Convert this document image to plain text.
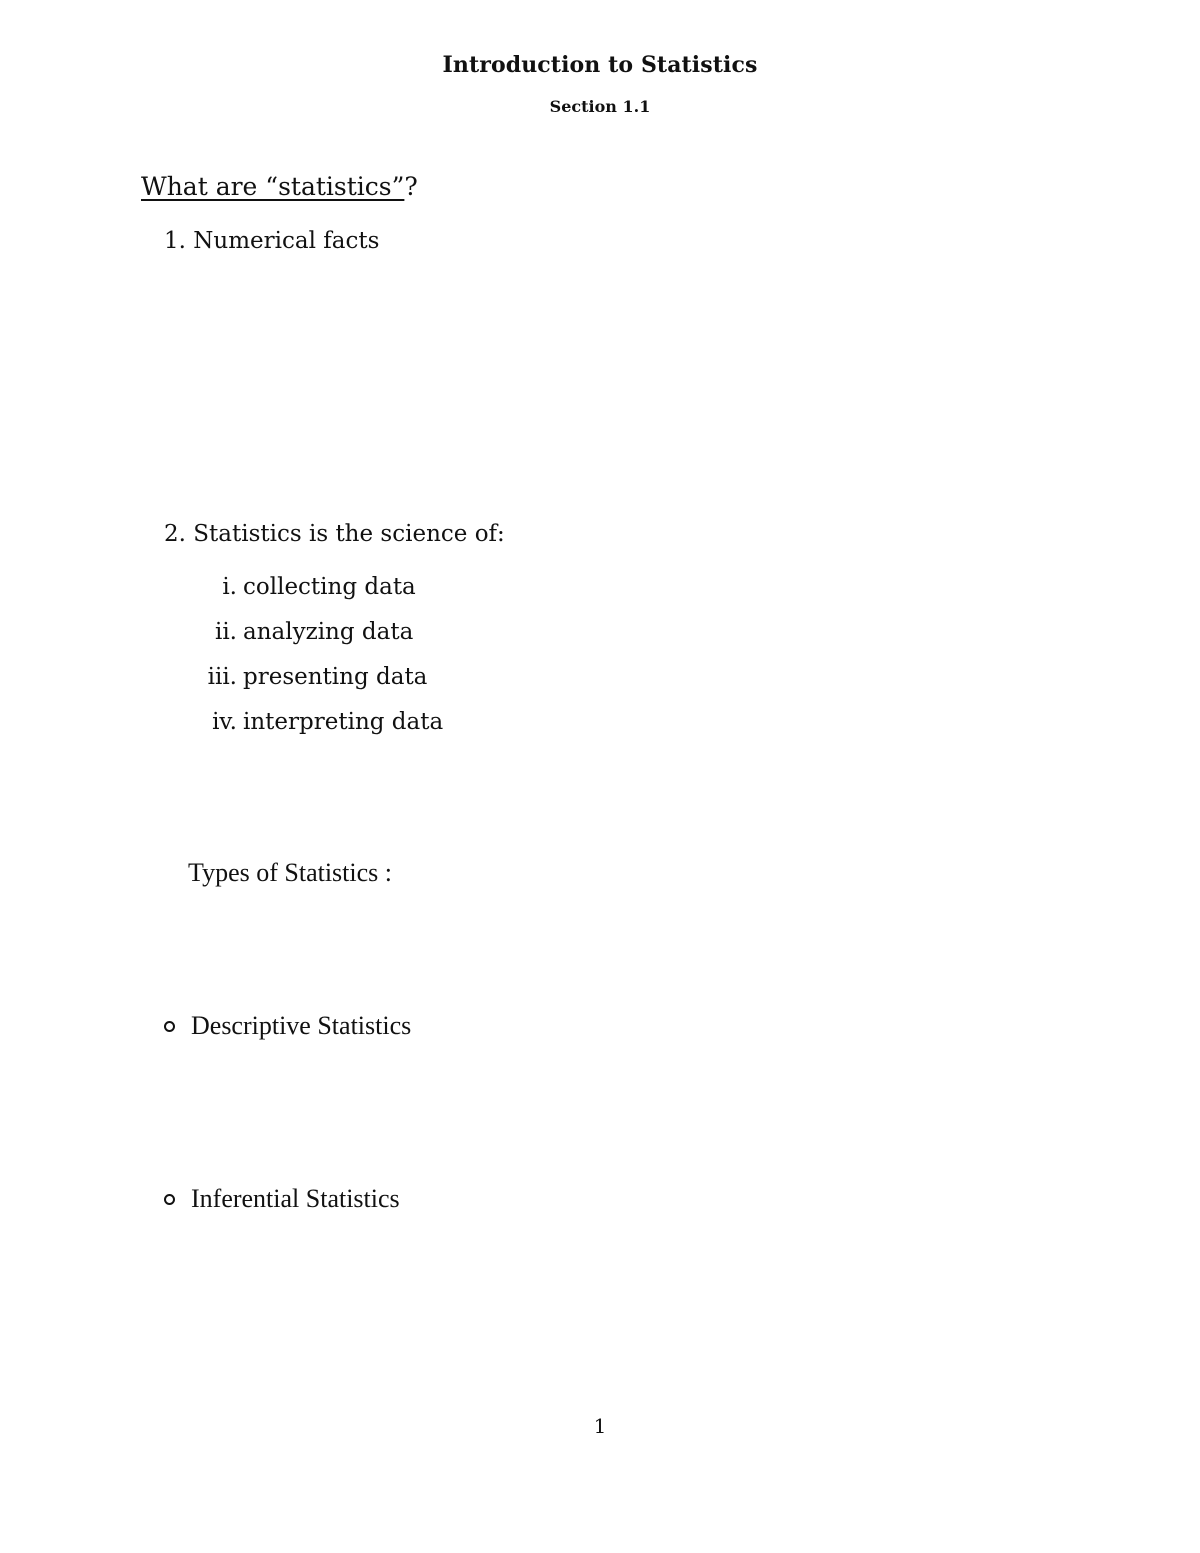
Introduction to Statistics
Section 1.1
What are “statistics”?
1. Numerical facts
2. Statistics is the science of:
i. collecting data
ii. analyzing data
iii. presenting data
iv. interpreting data
Types of Statistics :
Descriptive Statistics
Inferential Statistics
1
